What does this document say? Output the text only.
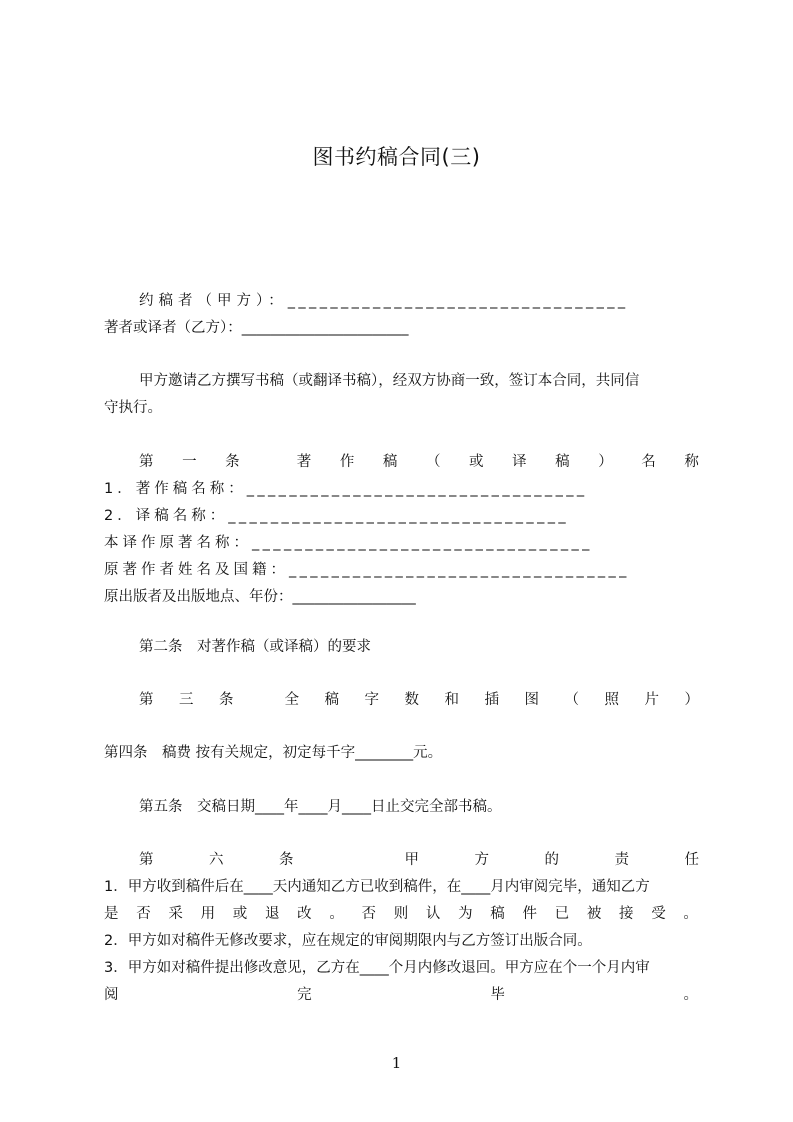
图书约稿合同(三)
约稿者（甲方）：________________________________
著者或译者（乙方）：_______________________
甲方邀请乙方撰写书稿（或翻译书稿），经双方协商一致，签订本合同，共同信
守执行。
第 一 条	著 作 稿 （ 或 译 稿 ） 名 称
1．著作稿名称：________________________________
2．译稿名称：________________________________
本译作原著名称：________________________________
原著作者姓名及国籍：________________________________
原出版者及出版地点、年份：_________________
第二条　对著作稿（或译稿）的要求
第 三 条	全 稿 字 数 和 插 图 （ 照 片 ）
第四条　稿费 按有关规定，初定每千字________元。
第五条　交稿日期____年____月____日止交完全部书稿。
第	六	条	甲	方	的	责	任
1．甲方收到稿件后在____天内通知乙方已收到稿件，在____月内审阅完毕，通知乙方
是 否 采 用 或 退 改 。 否 则 认 为 稿 件 已 被 接 受 。
2．甲方如对稿件无修改要求，应在规定的审阅期限内与乙方签订出版合同。
3．甲方如对稿件提出修改意见，乙方在____个月内修改退回。甲方应在个一个月内审
阅	完	毕	。
1
